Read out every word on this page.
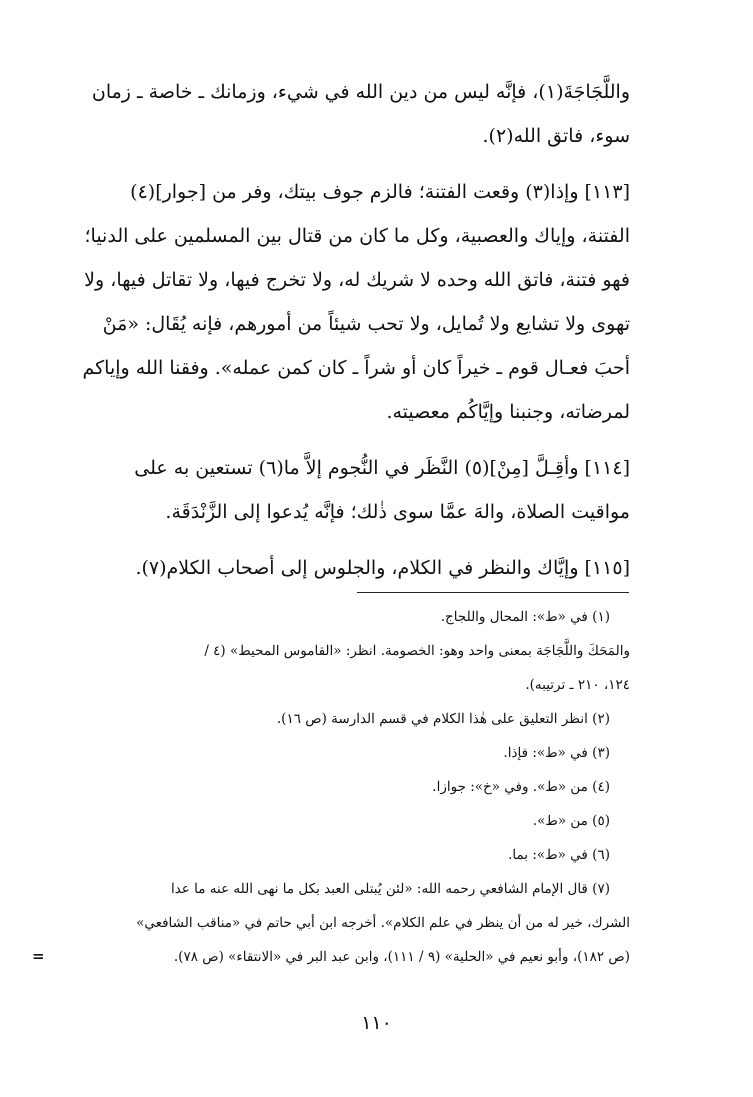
واللَّجَاجَةَ(١)، فإنَّه ليس من دين الله في شيء، وزمانك ـ خاصة ـ زمان

سوء، فاتق الله(٢).

[١١٣] وإذا(٣) وقعت الفتنة؛ فالزم جوف بيتك، وفر من [جوار](٤)

الفتنة، وإياك والعصبية، وكل ما كان من قتال بين المسلمين على الدنيا؛

فهو فتنة، فاتق الله وحده لا شريك له، ولا تخرج فيها، ولا تقاتل فيها، ولا

تهوى ولا تشايع ولا تُمايل، ولا تحب شيئاً من أمورهم، فإنه يُقَال: «مَنْ

أحبَ فعـال قوم ـ خيراً كان أو شراً ـ كان كمن عمله». وفقنا الله وإياكم

لمرضاته، وجنبنا وإيَّاكُم معصيته.

[١١٤] وأقِـلَّ [مِنْ](٥) النَّظَر في النُّجوم إلاَّ ما(٦) تستعين به على

مواقيت الصلاة، والهَ عمَّا سوى ذٰلك؛ فإنَّه يُدعوا إلى الزَّنْدَقَة.

[١١٥] وإيَّاك والنظر في الكلام، والجلوس إلى أصحاب الكلام(٧).

(١) في «ط»: المحال واللجاج.

والمَحَكَ واللَّجَاجَة بمعنى واحد وهو: الخصومة. انظر: «القاموس المحيط» (٤ /

١٢٤، ٢١٠ ـ ترتيبه).

(٢) انظر التعليق على هٰذا الكلام في قسم الدارسة (ص ١٦).

(٣) في «ط»: فإذا.

(٤) من «ط». وفي «خ»: جوازا.

(٥) من «ط».

(٦) في «ط»: بما.

(٧) قال الإمام الشافعي رحمه الله: «لئن يُبتلى العبد بكل ما نهى الله عنه ما عدا

الشرك، خير له من أن ينظر في علم الكلام». أخرجه ابن أبي حاتم في «مناقب الشافعي»

(ص ١٨٢)، وأبو نعيم في «الحلية» (٩ / ١١١)، وابن عبد البر في «الانتقاء» (ص ٧٨).

=
١١٠
